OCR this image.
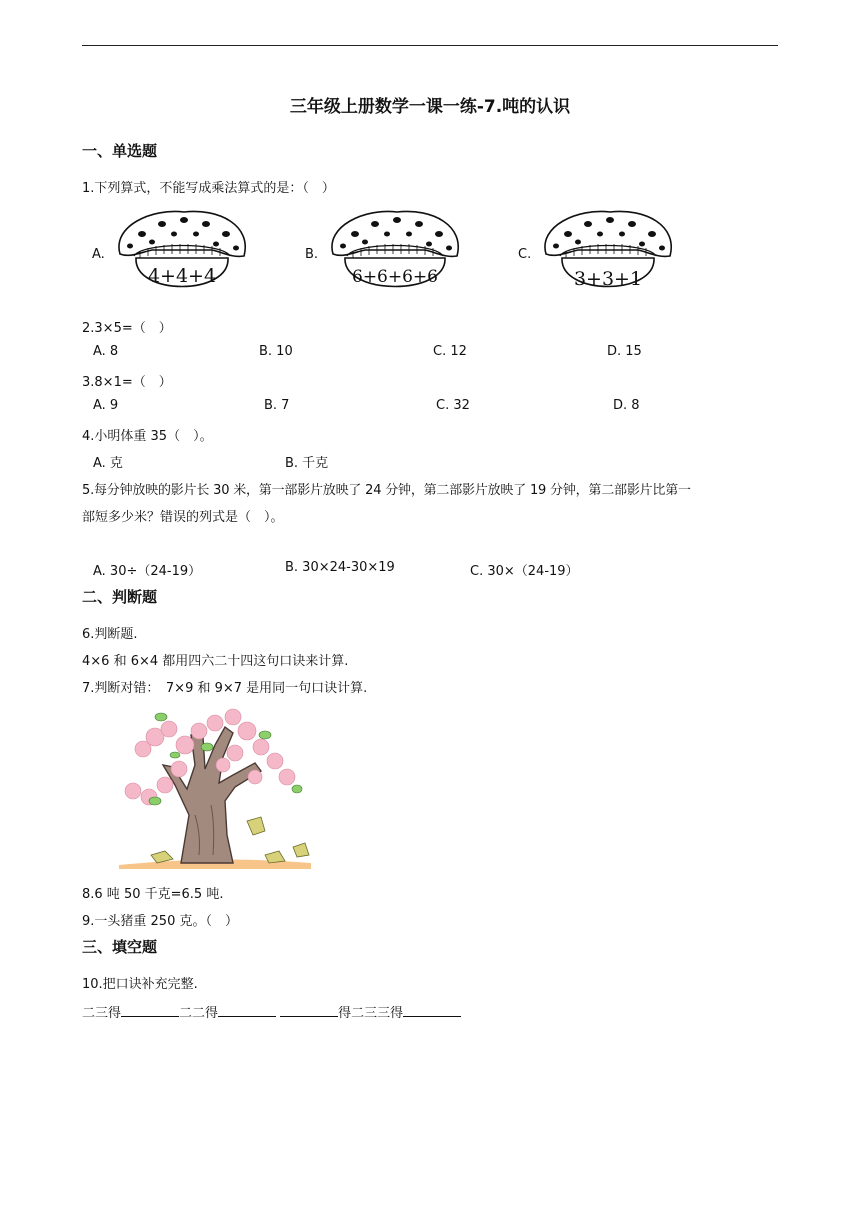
三年级上册数学一课一练-7.吨的认识
一、单选题
1.下列算式，不能写成乘法算式的是：（　）
A.
4+4+4
B.
6+6+6+6
C.
3+3+1
2.3×5=（　）
A. 8	B. 10	C. 12	D. 15
3.8×1=（　）
A. 9	B. 7	C. 32	D. 8
4.小明体重 35（　）。
A. 克	B. 千克
5.每分钟放映的影片长 30 米，第一部影片放映了 24 分钟，第二部影片放映了 19 分钟，第二部影片比第一
部短多少米？错误的列式是（　）。
A. 30÷（24-19）	B. 30×24-30×19	C. 30×（24-19）
二、判断题
6.判断题.
4×6 和 6×4 都用四六二十四这句口诀来计算.
7.判断对错：　7×9 和 9×7 是用同一句口诀计算.
8.6 吨 50 千克=6.5 吨.
9.一头猪重 250 克。（　）
三、填空题
10.把口诀补充完整.
二三得	二二得	得二三三得
